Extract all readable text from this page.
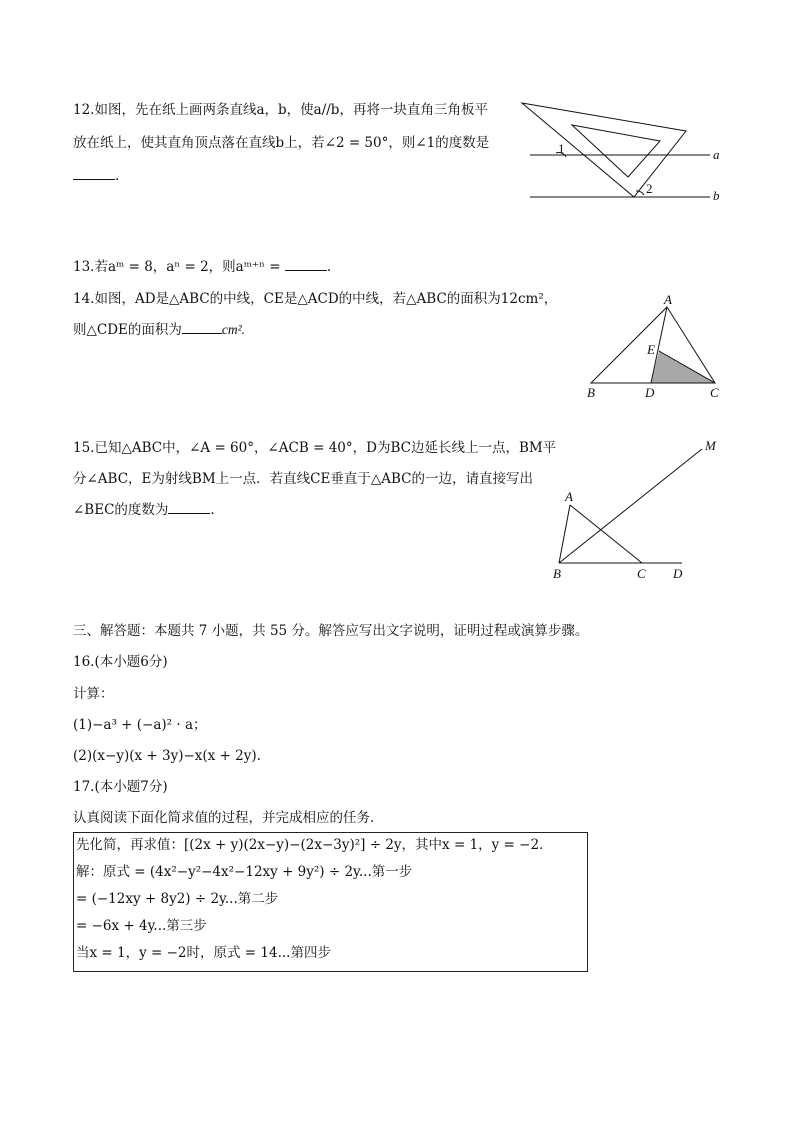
12.如图，先在纸上画两条直线a，b，使a//b，再将一块直角三角板平
放在纸上，使其直角顶点落在直线b上，若∠2 = 50°，则∠1的度数是
.
1
2
a
b
13.若aᵐ = 8，aⁿ = 2，则aᵐ⁺ⁿ =	.
14.如图，AD是△ABC的中线，CE是△ACD的中线，若△ABC的面积为12cm²，
则△CDE的面积为	cm².
A
B	C
D
E
15.已知△ABC中，∠A = 60°，∠ACB = 40°，D为BC边延长线上一点，BM平
分∠ABC，E为射线BM上一点．若直线CE垂直于△ABC的一边，请直接写出
∠BEC的度数为	.
A
B	C D
M
三、解答题：本题共 7 小题，共 55 分。解答应写出文字说明，证明过程或演算步骤。
16.(本小题6分)
计算：
(1)−a³ + (−a)² · a；
(2)(x−y)(x + 3y)−x(x + 2y).
17.(本小题7分)
认真阅读下面化简求值的过程，并完成相应的任务．
先化简，再求值：[(2x + y)(2x−y)−(2x−3y)²] ÷ 2y，其中x = 1，y = −2．
解：原式 = (4x²−y²−4x²−12xy + 9y²) ÷ 2y...第一步
= (−12xy + 8y2) ÷ 2y...第二步
= −6x + 4y...第三步
当x = 1，y = −2时，原式 = 14...第四步
